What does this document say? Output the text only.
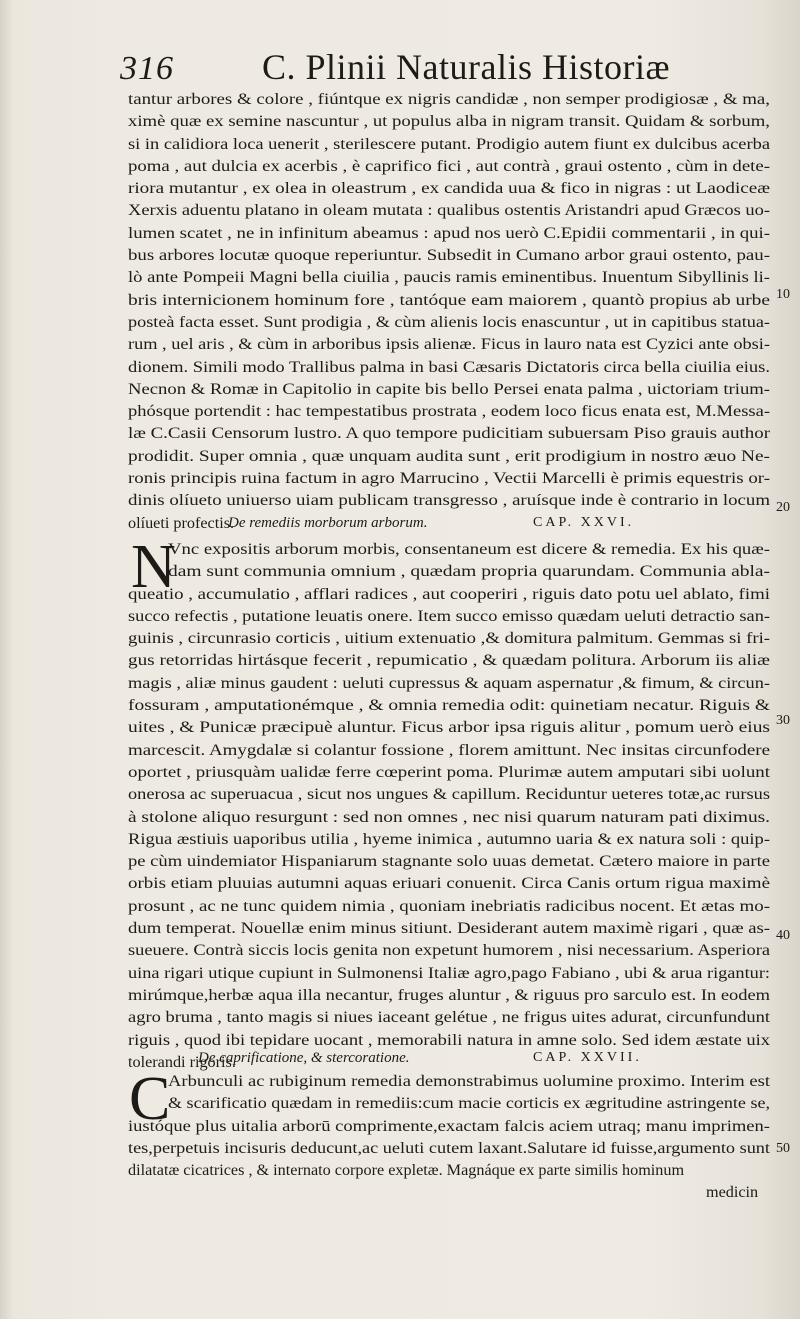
316 C. Plinii Naturalis Historiæ
tantur arbores & colore , fiúntque ex nigris candidæ , non semper prodigiosæ , & ma,
ximè quæ ex semine nascuntur , ut populus alba in nigram transit. Quidam & sorbum,
si in calidiora loca uenerit , sterilescere putant. Prodigio autem fiunt ex dulcibus acerba
poma , aut dulcia ex acerbis , è caprifico fici , aut contrà , graui ostento , cùm in dete-
riora mutantur , ex olea in oleastrum , ex candida uua & fico in nigras : ut Laodiceæ
Xerxis aduentu platano in oleam mutata : qualibus ostentis Aristandri apud Græcos uo-
lumen scatet , ne in infinitum abeamus : apud nos uerò C.Epidii commentarii , in qui-
bus arbores locutæ quoque reperiuntur. Subsedit in Cumano arbor graui ostento, pau-
lò ante Pompeii Magni bella ciuilia , paucis ramis eminentibus. Inuentum Sibyllinis li-
bris internicionem hominum fore , tantóque eam maiorem , quantò propius ab urbe
posteà facta esset. Sunt prodigia , & cùm alienis locis enascuntur , ut in capitibus statua-
rum , uel aris , & cùm in arboribus ipsis alienæ. Ficus in lauro nata est Cyzici ante obsi-
dionem. Simili modo Trallibus palma in basi Cæsaris Dictatoris circa bella ciuilia eius.
Necnon & Romæ in Capitolio in capite bis bello Persei enata palma , uictoriam trium-
phósque portendit : hac tempestatibus prostrata , eodem loco ficus enata est, M.Messa-
læ C.Casii Censorum lustro. A quo tempore pudicitiam subuersam Piso grauis author
prodidit. Super omnia , quæ unquam audita sunt , erit prodigium in nostro æuo Ne-
ronis principis ruina factum in agro Marrucino , Vectii Marcelli è primis equestris or-
dinis olíueto uniuerso uiam publicam transgresso , aruísque inde è contrario in locum
olíueti profectis.
De remediis morborum arborum.	CAP. XXVI.
N
Vnc expositis arborum morbis, consentaneum est dicere & remedia. Ex his quæ-
dam sunt communia omnium , quædam propria quarundam. Communia abla-
queatio , accumulatio , afflari radices , aut cooperiri , riguis dato potu uel ablato, fimi
succo refectis , putatione leuatis onere. Item succo emisso quædam ueluti detractio san-
guinis , circunrasio corticis , uitium extenuatio ,& domitura palmitum. Gemmas si fri-
gus retorridas hirtásque fecerit , repumicatio , & quædam politura. Arborum iis aliæ
magis , aliæ minus gaudent : ueluti cupressus & aquam aspernatur ,& fimum, & circun-
fossuram , amputationémque , & omnia remedia odit: quinetiam necatur. Riguis &
uites , & Punicæ præcipuè aluntur. Ficus arbor ipsa riguis alitur , pomum uerò eius
marcescit. Amygdalæ si colantur fossione , florem amittunt. Nec insitas circunfodere
oportet , priusquàm ualidæ ferre cœperint poma. Plurimæ autem amputari sibi uolunt
onerosa ac superuacua , sicut nos ungues & capillum. Reciduntur ueteres totæ,ac rursus
à stolone aliquo resurgunt : sed non omnes , nec nisi quarum naturam pati diximus.
Rigua æstiuis uaporibus utilia , hyeme inimica , autumno uaria & ex natura soli : quip-
pe cùm uindemiator Hispaniarum stagnante solo uuas demetat. Cætero maiore in parte
orbis etiam pluuias autumni aquas eriuari conuenit. Circa Canis ortum rigua maximè
prosunt , ac ne tunc quidem nimia , quoniam inebriatis radicibus nocent. Et ætas mo-
dum temperat. Nouellæ enim minus sitiunt. Desiderant autem maximè rigari , quæ as-
sueuere. Contrà siccis locis genita non expetunt humorem , nisi necessarium. Asperiora
uina rigari utique cupiunt in Sulmonensi Italiæ agro,pago Fabiano , ubi & arua rigantur:
mirúmque,herbæ aqua illa necantur, fruges aluntur , & riguus pro sarculo est. In eodem
agro bruma , tanto magis si niues iaceant gelétue , ne frigus uites adurat, circunfundunt
riguis , quod ibi tepidare uocant , memorabili natura in amne solo. Sed idem æstate uix
tolerandi rigoris.
De caprificatione, & stercoratione.	CAP. XXVII.
C
Arbunculi ac rubiginum remedia demonstrabimus uolumine proximo. Interim est
& scarificatio quædam in remediis:cum macie corticis ex ægritudine astringente se,
iustóque plus uitalia arborū comprimente,exactam falcis aciem utraq; manu imprimen-
tes,perpetuis incisuris deducunt,ac ueluti cutem laxant.Salutare id fuisse,argumento sunt
dilatatæ cicatrices , & internato corpore expletæ. Magnáque ex parte similis hominum
medicin
10
20
30
40
50
